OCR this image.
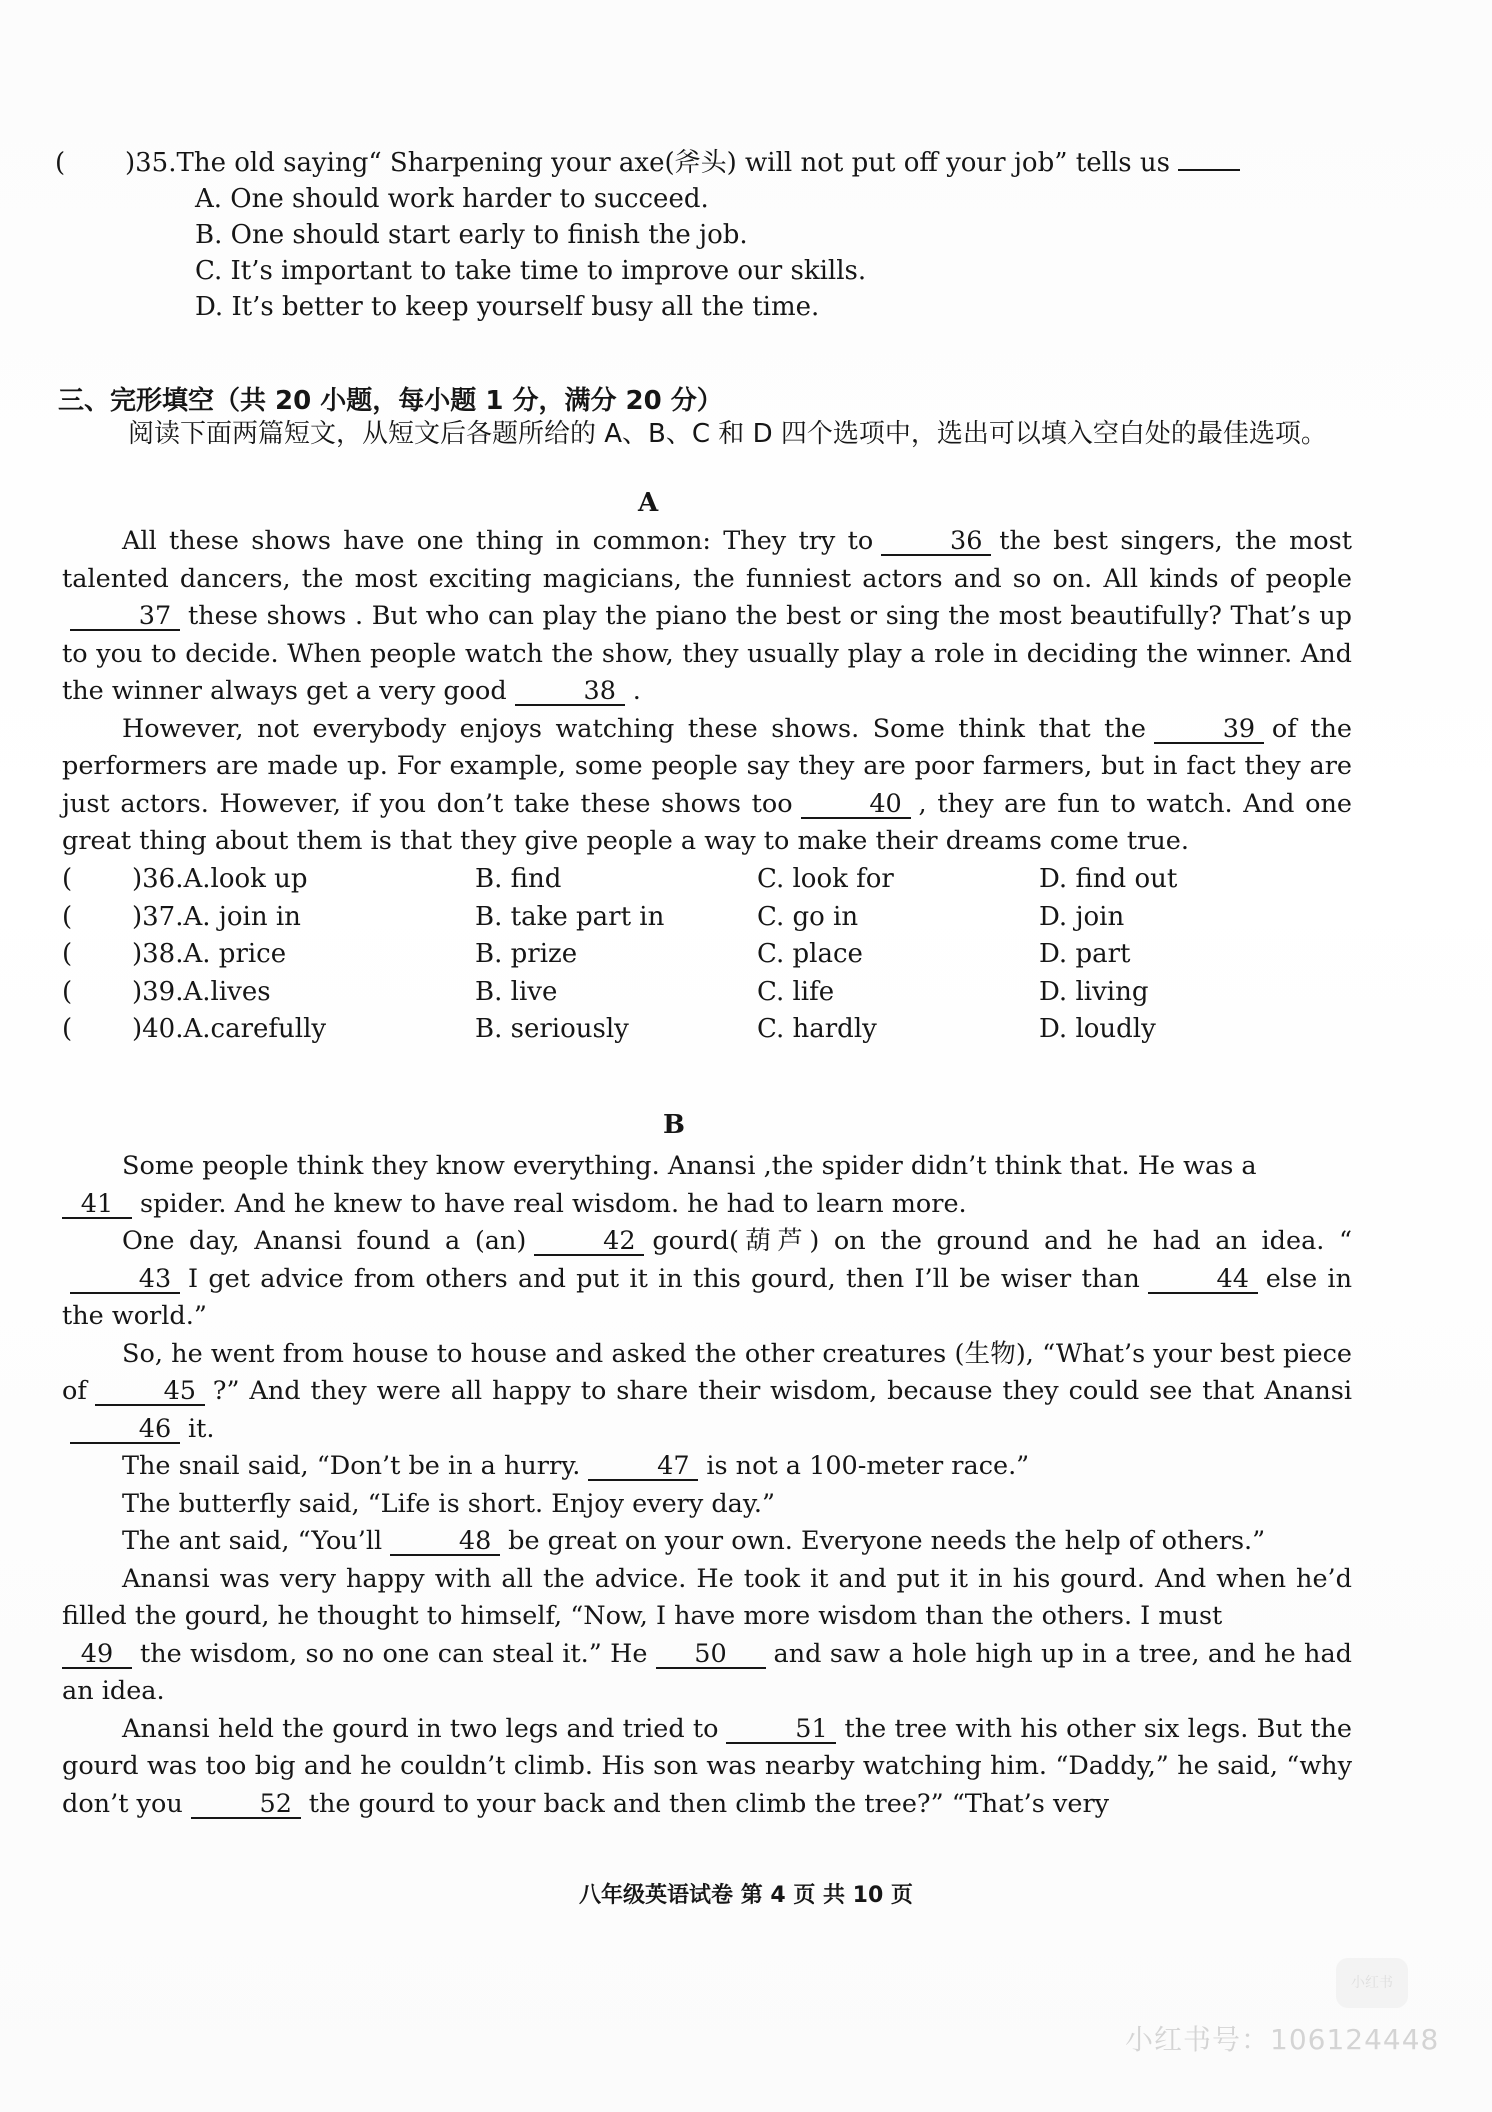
( )35.The old saying“ Sharpening your axe(斧头) will not put off your job” tells us
A. One should work harder to succeed.
B. One should start early to finish the job.
C. It’s important to take time to improve our skills.
D. It’s better to keep yourself busy all the time.
三、完形填空（共 20 小题，每小题 1 分，满分 20 分）
阅读下面两篇短文，从短文后各题所给的 A、B、C 和 D 四个选项中，选出可以填入空白处的最佳选项。
A

All these shows have one thing in common: They try to	36 the best singers, the most talented dancers, the most exciting magicians, the funniest actors and so on. All kinds of people37 these shows . But who can play the piano the best or sing the most beautifully? That’s up to you to decide. When people watch the show, they usually play a role in deciding the winner. And the winner always get a very good	38 .

However, not everybody enjoys watching these shows. Some think that the	39 of the performers are made up. For example, some people say they are poor farmers, but in fact they are just actors. However, if you don’t take these shows too	40 , they are fun to watch. And one great thing about them is that they give people a way to make their dreams come true.

( )36.A.look up	B. find	C. look for	D. find out
( )37.A. join in	B. take part in	C. go in	D. join
( )38.A. price	B. prize	C. place	D. part
( )39.A.lives	B. live	C. life	D. living
( )40.A.carefully	B. seriously	C. hardly	D. loudly
B

Some people think they know everything. Anansi ,the spider didn’t think that. He was a

41 spider. And he knew to have real wisdom. he had to learn more.

One day, Anansi found a (an)	42 gourd(葫芦) on the ground and he had an idea. “43 I get advice from others and put it in this gourd, then I’ll be wiser than	44 else in the world.”

So, he went from house to house and asked the other creatures (生物), “What’s your best piece of	45 ?” And they were all happy to share their wisdom, because they could see that Anansi46 it.

The snail said, “Don’t be in a hurry.	47 is not a 100-meter race.”

The butterfly said, “Life is short. Enjoy every day.”

The ant said, “You’ll	48 be great on your own. Everyone needs the help of others.”

Anansi was very happy with all the advice. He took it and put it in his gourd. And when he’d filled the gourd, he thought to himself, “Now, I have more wisdom than the others. I must

49 the wisdom, so no one can steal it.” He 50 and saw a hole high up in a tree, and he had an idea.

Anansi held the gourd in two legs and tried to	51 the tree with his other six legs. But the gourd was too big and he couldn’t climb. His son was nearby watching him. “Daddy,” he said, “why don’t you	52 the gourd to your back and then climb the tree?” “That’s very

八年级英语试卷 第 4 页 共 10 页
小红书
小红书号：106124448
